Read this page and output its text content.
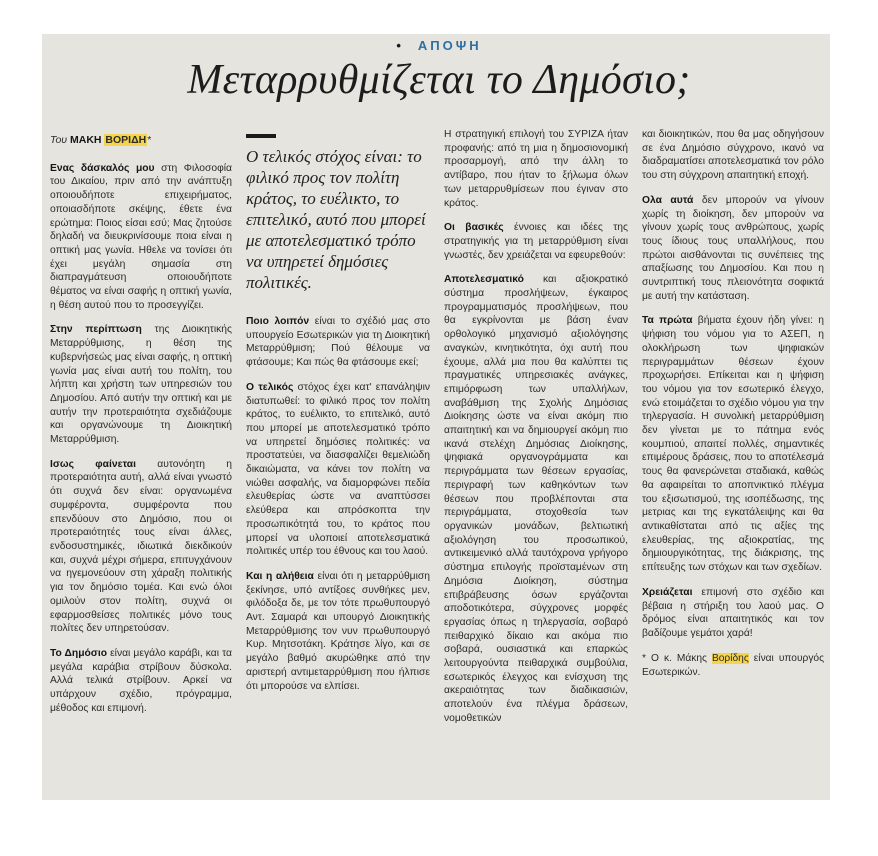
• ΑΠΟΨΗ
Μεταρρυθμίζεται το Δημόσιο;
Του ΜΑΚΗ ΒΟΡΙΔΗ*

Ενας δάσκαλός μου στη Φιλοσοφία του Δικαίου, πριν από την ανάπτυξη οποιουδήποτε επιχειρήματος, οποιασδήποτε σκέψης, έθετε ένα ερώτημα: Ποιος είσαι εσύ; Μας ζητούσε δηλαδή να διευκρινίσουμε ποια είναι η οπτική μας γωνία. Ηθελε να τονίσει ότι έχει μεγάλη σημασία στη διαπραγμάτευση οποιουδήποτε θέματος να είναι σαφής η οπτική γωνία, η θέση αυτού που το προσεγγίζει.

Στην περίπτωση της Διοικητικής Μεταρρύθμισης, η θέση της κυβερνήσεώς μας είναι σαφής, η οπτική γωνία μας είναι αυτή του πολίτη, του λήπτη και χρήστη των υπηρεσιών του Δημοσίου. Από αυτήν την οπτική και με αυτήν την προτεραιότητα σχεδιάζουμε και οργανώνουμε τη Διοικητική Μεταρρύθμιση.

Ισως φαίνεται αυτονόητη η προτεραιότητα αυτή, αλλά είναι γνωστό ότι συχνά δεν είναι: οργανωμένα συμφέροντα, συμφέροντα που επενδύουν στο Δημόσιο, που οι προτεραιότητές τους είναι άλλες, ενδοσυστημικές, ιδιωτικά διεκδικούν και, συχνά μέχρι σήμερα, επιτυγχάνουν να ηγεμονεύουν στη χάραξη πολιτικής για τον δημόσιο τομέα. Και ενώ όλοι ομιλούν στον πολίτη, συχνά οι εφαρμοσθείσες πολιτικές μόνο τους πολίτες δεν υπηρετούσαν.

Το Δημόσιο είναι μεγάλο καράβι, και τα μεγάλα καράβια στρίβουν δύσκολα. Αλλά τελικά στρίβουν. Αρκεί να υπάρχουν σχέδιο, πρόγραμμα, μέθοδος και επιμονή.

Ο τελικός στόχος είναι: το φιλικό προς τον πολίτη κράτος, το ευέλικτο, το επιτελικό, αυτό που μπορεί με αποτελεσματικό τρόπο να υπηρετεί δημόσιες πολιτικές.

Ποιο λοιπόν είναι το σχέδιό μας στο υπουργείο Εσωτερικών για τη Διοικητική Μεταρρύθμιση; Πού θέλουμε να φτάσουμε; Και πώς θα φτάσουμε εκεί;

Ο τελικός στόχος έχει κατ' επανάληψιν διατυπωθεί: το φιλικό προς τον πολίτη κράτος, το ευέλικτο, το επιτελικό, αυτό που μπορεί με αποτελεσματικό τρόπο να υπηρετεί δημόσιες πολιτικές: να προστατεύει, να διασφαλίζει θεμελιώδη δικαιώματα, να κάνει τον πολίτη να νιώθει ασφαλής, να διαμορφώνει πεδία ελευθερίας ώστε να αναπτύσσει ελεύθερα και απρόσκοπτα την προσωπικότητά του, το κράτος που μπορεί να υλοποιεί αποτελεσματικά πολιτικές υπέρ του έθνους και του λαού.

Και η αλήθεια είναι ότι η μεταρρύθμιση ξεκίνησε, υπό αντίξοες συνθήκες μεν, φιλόδοξα δε, με τον τότε πρωθυπουργό Αντ. Σαμαρά και υπουργό Διοικητικής Μεταρρύθμισης τον νυν πρωθυπουργό Κυρ. Μητσοτάκη. Κράτησε λίγο, και σε μεγάλο βαθμό ακυρώθηκε από την αριστερή αντιμεταρρύθμιση που ήλπισε ότι μπορούσε να ελπίσει.

Η στρατηγική επιλογή του ΣΥΡΙΖΑ ήταν προφανής: από τη μια η δημοσιονομική προσαρμογή, από την άλλη το αντίβαρο, που ήταν το ξήλωμα όλων των μεταρρυθμίσεων που έγιναν στο κράτος.

Οι βασικές έννοιες και ιδέες της στρατηγικής για τη μεταρρύθμιση είναι γνωστές, δεν χρειάζεται να εφευρεθούν:

Αποτελεσματικό και αξιοκρατικό σύστημα προσλήψεων, έγκαιρος προγραμματισμός προσλήψεων, που θα εγκρίνονται με βάση έναν ορθολογικό μηχανισμό αξιολόγησης αναγκών, κινητικότητα, όχι αυτή που έχουμε, αλλά μια που θα καλύπτει τις πραγματικές υπηρεσιακές ανάγκες, επιμόρφωση των υπαλλήλων, αναβάθμιση της Σχολής Δημόσιας Διοίκησης ώστε να είναι ακόμη πιο απαιτητική και να δημιουργεί ακόμη πιο ικανά στελέχη Δημόσιας Διοίκησης, ψηφιακά οργανογράμματα και περιγράμματα των θέσεων εργασίας, περιγραφή των καθηκόντων των θέσεων που προβλέπονται στα περιγράμματα, στοχοθεσία των οργανικών μονάδων, βελτιωτική αξιολόγηση του προσωπικού, αντικειμενικό αλλά ταυτόχρονα γρήγορο σύστημα επιλογής προϊσταμένων στη Δημόσια Διοίκηση, σύστημα επιβράβευσης όσων εργάζονται αποδοτικότερα, σύγχρονες μορφές εργασίας όπως η τηλεργασία, σοβαρό πειθαρχικό δίκαιο και ακόμα πιο σοβαρά, ουσιαστικά και επαρκώς λειτουργούντα πειθαρχικά συμβούλια, εσωτερικός έλεγχος και ενίσχυση της ακεραιότητας των διαδικασιών, αποτελούν ένα πλέγμα δράσεων, νομοθετικών

και διοικητικών, που θα μας οδηγήσουν σε ένα Δημόσιο σύγχρονο, ικανό να διαδραματίσει αποτελεσματικά τον ρόλο του στη σύγχρονη απαιτητική εποχή.

Ολα αυτά δεν μπορούν να γίνουν χωρίς τη διοίκηση, δεν μπορούν να γίνουν χωρίς τους ανθρώπους, χωρίς τους ίδιους τους υπαλλήλους, που πρώτοι αισθάνονται τις συνέπειες της απαξίωσης του Δημοσίου. Και που η συντριπτική τους πλειονότητα σοφικτά με αυτή την κατάσταση.

Τα πρώτα βήματα έχουν ήδη γίνει: η ψήφιση του νόμου για το ΑΣΕΠ, η ολοκλήρωση των ψηφιακών περιγραμμάτων θέσεων έχουν προχωρήσει. Επίκειται και η ψήφιση του νόμου για τον εσωτερικό έλεγχο, ενώ ετοιμάζεται το σχέδιο νόμου για την τηλεργασία. Η συνολική μεταρρύθμιση δεν γίνεται με το πάτημα ενός κουμπιού, απαιτεί πολλές, σημαντικές επιμέρους δράσεις, που το αποτέλεσμά τους θα φανερώνεται σταδιακά, καθώς θα αφαιρείται το αποπνικτικό πλέγμα του εξισωτισμού, της ισοπέδωσης, της μετριας και της εγκατάλειψης και θα αντικαθίσταται από τις αξίες της ελευθερίας, της αξιοκρατίας, της δημιουργικότητας, της διάκρισης, της επίτευξης των στόχων και των σχεδίων.

Χρειάζεται επιμονή στο σχέδιο και βέβαια η στήριξη του λαού μας. Ο δρόμος είναι απαιτητικός και τον βαδίζουμε γεμάτοι χαρά!

* Ο κ. Μάκης Βορίδης είναι υπουργός Εσωτερικών.
